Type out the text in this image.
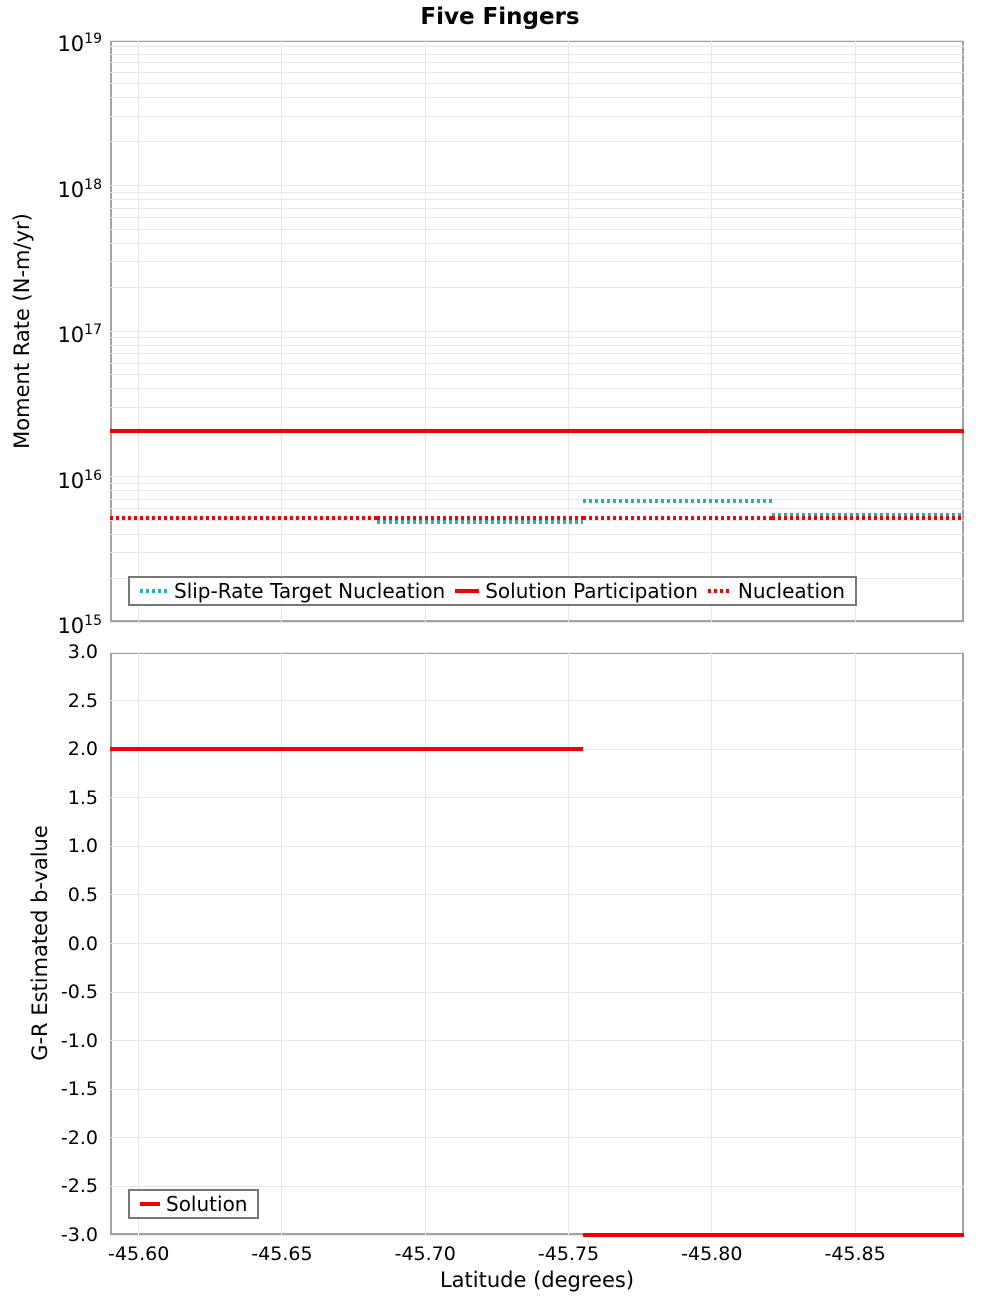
Five Fingers
Moment Rate (N-m/yr)
G-R Estimated b-value
Latitude (degrees)
Slip-Rate Target Nucleation Solution Participation Nucleation
Solution
$10^{19}$
$10^{18}$
$10^{17}$
$10^{16}$
$10^{15}$
3.0
2.5
2.0
1.5
1.0
0.5
0.0
-0.5
-1.0
-1.5
-2.0
-2.5
-3.0
-45.60	-45.65	-45.70	-45.75	-45.80	-45.85
